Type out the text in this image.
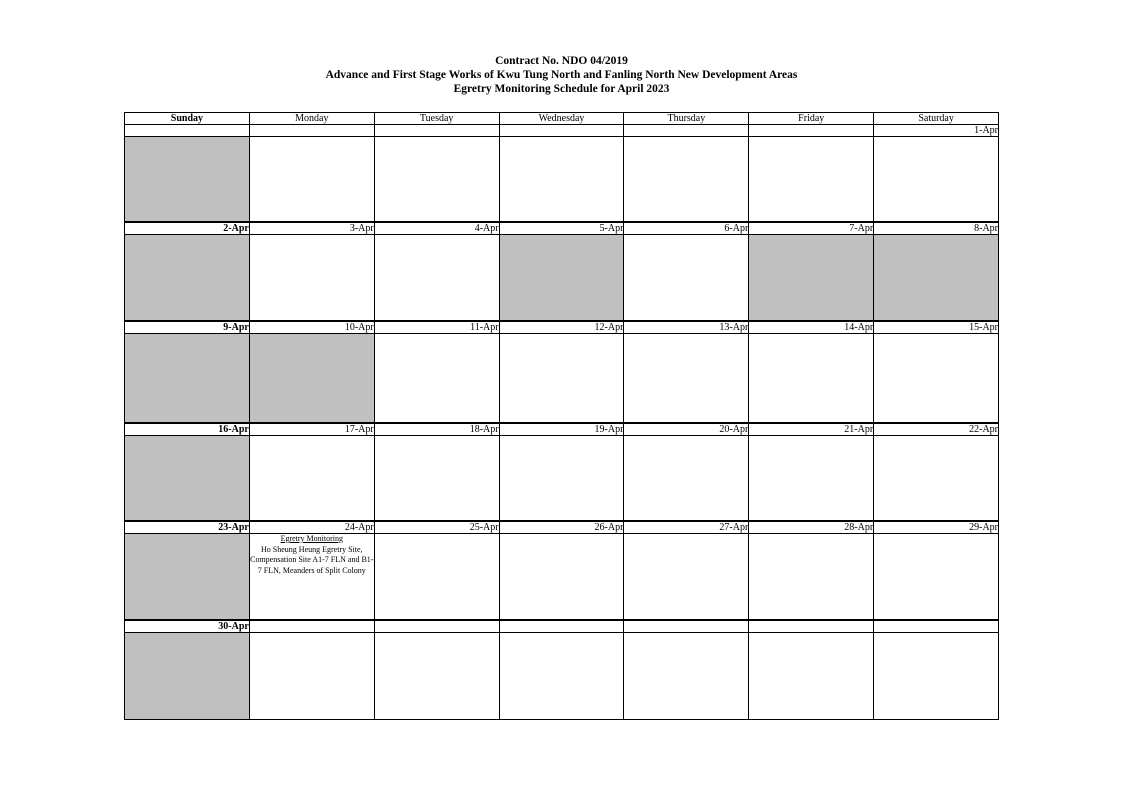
Contract No. NDO 04/2019
Advance and First Stage Works of Kwu Tung North and Fanling North New Development Areas
Egretry Monitoring Schedule for April 2023
Sunday	Monday	Tuesday	Wednesday	Thursday	Friday	Saturday
						1-Apr

2-Apr	3-Apr	4-Apr	5-Apr	6-Apr	7-Apr	8-Apr

9-Apr	10-Apr	11-Apr	12-Apr	13-Apr	14-Apr	15-Apr

16-Apr	17-Apr	18-Apr	19-Apr	20-Apr	21-Apr	22-Apr

23-Apr	24-Apr	25-Apr	26-Apr	27-Apr	28-Apr	29-Apr

	Egretry Monitoring
Ho Sheung Heung Egretry Site, Compensation Site A1-7 FLN and B1-7 FLN, Meanders of Split Colony					

30-Apr						
